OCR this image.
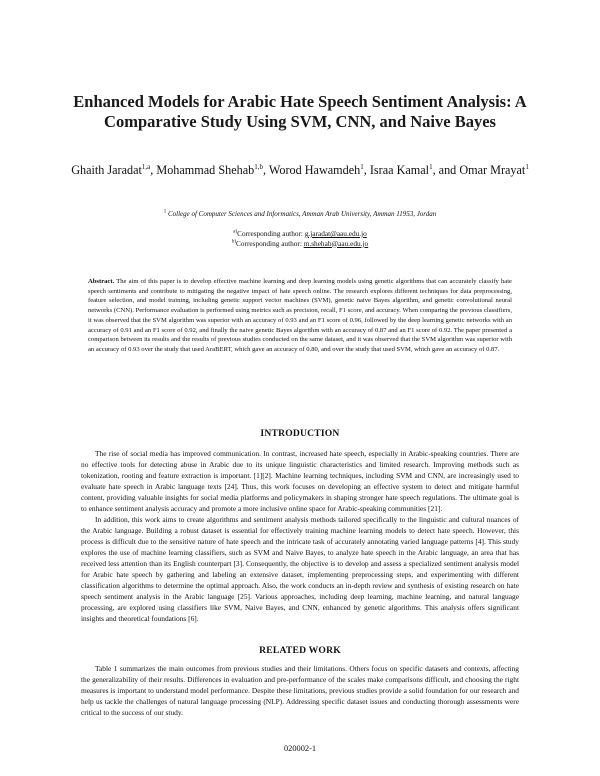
Enhanced Models for Arabic Hate Speech Sentiment Analysis: A Comparative Study Using SVM, CNN, and Naive Bayes
Ghaith Jaradat$^{1,a}$, Mohammad Shehab$^{1,b}$, Worod Hawamdeh$^1$, Israa Kamal$^1$, and Omar Mrayat$^1$
$^1$ College of Computer Sciences and Informatics, Amman Arab University, Amman 11953, Jordan
$^{a)}$Corresponding author: g.jaradat@aau.edu.jo
$^{b)}$Corresponding author: m.shehab@aau.edu.jo
Abstract. The aim of this paper is to develop effective machine learning and deep learning models using genetic algorithms that can accurately classify hate speech sentiments and contribute to mitigating the negative impact of hate speech online. The research explores different techniques for data preprocessing, feature selection, and model training, including genetic support vector machines (SVM), genetic naive Bayes algorithm, and genetic convolutional neural networks (CNN). Performance evaluation is performed using metrics such as precision, recall, F1 score, and accuracy. When comparing the previous classifiers, it was observed that the SVM algorithm was superior with an accuracy of 0.93 and an F1 score of 0.96, followed by the deep learning genetic networks with an accuracy of 0.91 and an F1 score of 0.92, and finally the naive genetic Bayes algorithm with an accuracy of 0.87 and an F1 score of 0.92. The paper presented a comparison between its results and the results of previous studies conducted on the same dataset, and it was observed that the SVM algorithm was superior with an accuracy of 0.93 over the study that used AraBERT, which gave an accuracy of 0.80, and over the study that used SVM, which gave an accuracy of 0.87.
INTRODUCTION

The rise of social media has improved communication. In contrast, increased hate speech, especially in Arabic-speaking countries. There are no effective tools for detecting abuse in Arabic due to its unique linguistic characteristics and limited research. Improving methods such as tokenization, rooting and feature extraction is important. [1][2]. Machine learning techniques, including SVM and CNN, are increasingly used to evaluate hate speech in Arabic language texts [24]. Thus, this work focuses on developing an effective system to detect and mitigate harmful content, providing valuable insights for social media platforms and policymakers in shaping stronger hate speech regulations. The ultimate goal is to enhance sentiment analysis accuracy and promote a more inclusive online space for Arabic-speaking communities [21].

In addition, this work aims to create algorithms and sentiment analysis methods tailored specifically to the linguistic and cultural nuances of the Arabic language. Building a robust dataset is essential for effectively training machine learning models to detect hate speech. However, this process is difficult due to the sensitive nature of hate speech and the intricate task of accurately annotating varied language patterns [4]. This study explores the use of machine learning classifiers, such as SVM and Naive Bayes, to analyze hate speech in the Arabic language, an area that has received less attention than its English counterpart [3]. Consequently, the objective is to develop and assess a specialized sentiment analysis model for Arabic hate speech by gathering and labeling an extensive dataset, implementing preprocessing steps, and experimenting with different classification algorithms to determine the optimal approach. Also, the work conducts an in-depth review and synthesis of existing research on hate speech sentiment analysis in the Arabic language [25]. Various approaches, including deep learning, machine learning, and natural language processing, are explored using classifiers like SVM, Naive Bayes, and CNN, enhanced by genetic algorithms. This analysis offers significant insights and theoretical foundations [6].

RELATED WORK

Table 1 summarizes the main outcomes from previous studies and their limitations. Others focus on specific datasets and contexts, affecting the generalizability of their results. Differences in evaluation and pre-performance of the scales make comparisons difficult, and choosing the right measures is important to understand model performance. Despite these limitations, previous studies provide a solid foundation for our research and help us tackle the challenges of natural language processing (NLP). Addressing specific dataset issues and conducting thorough assessments were critical to the success of our study.

020002-1
